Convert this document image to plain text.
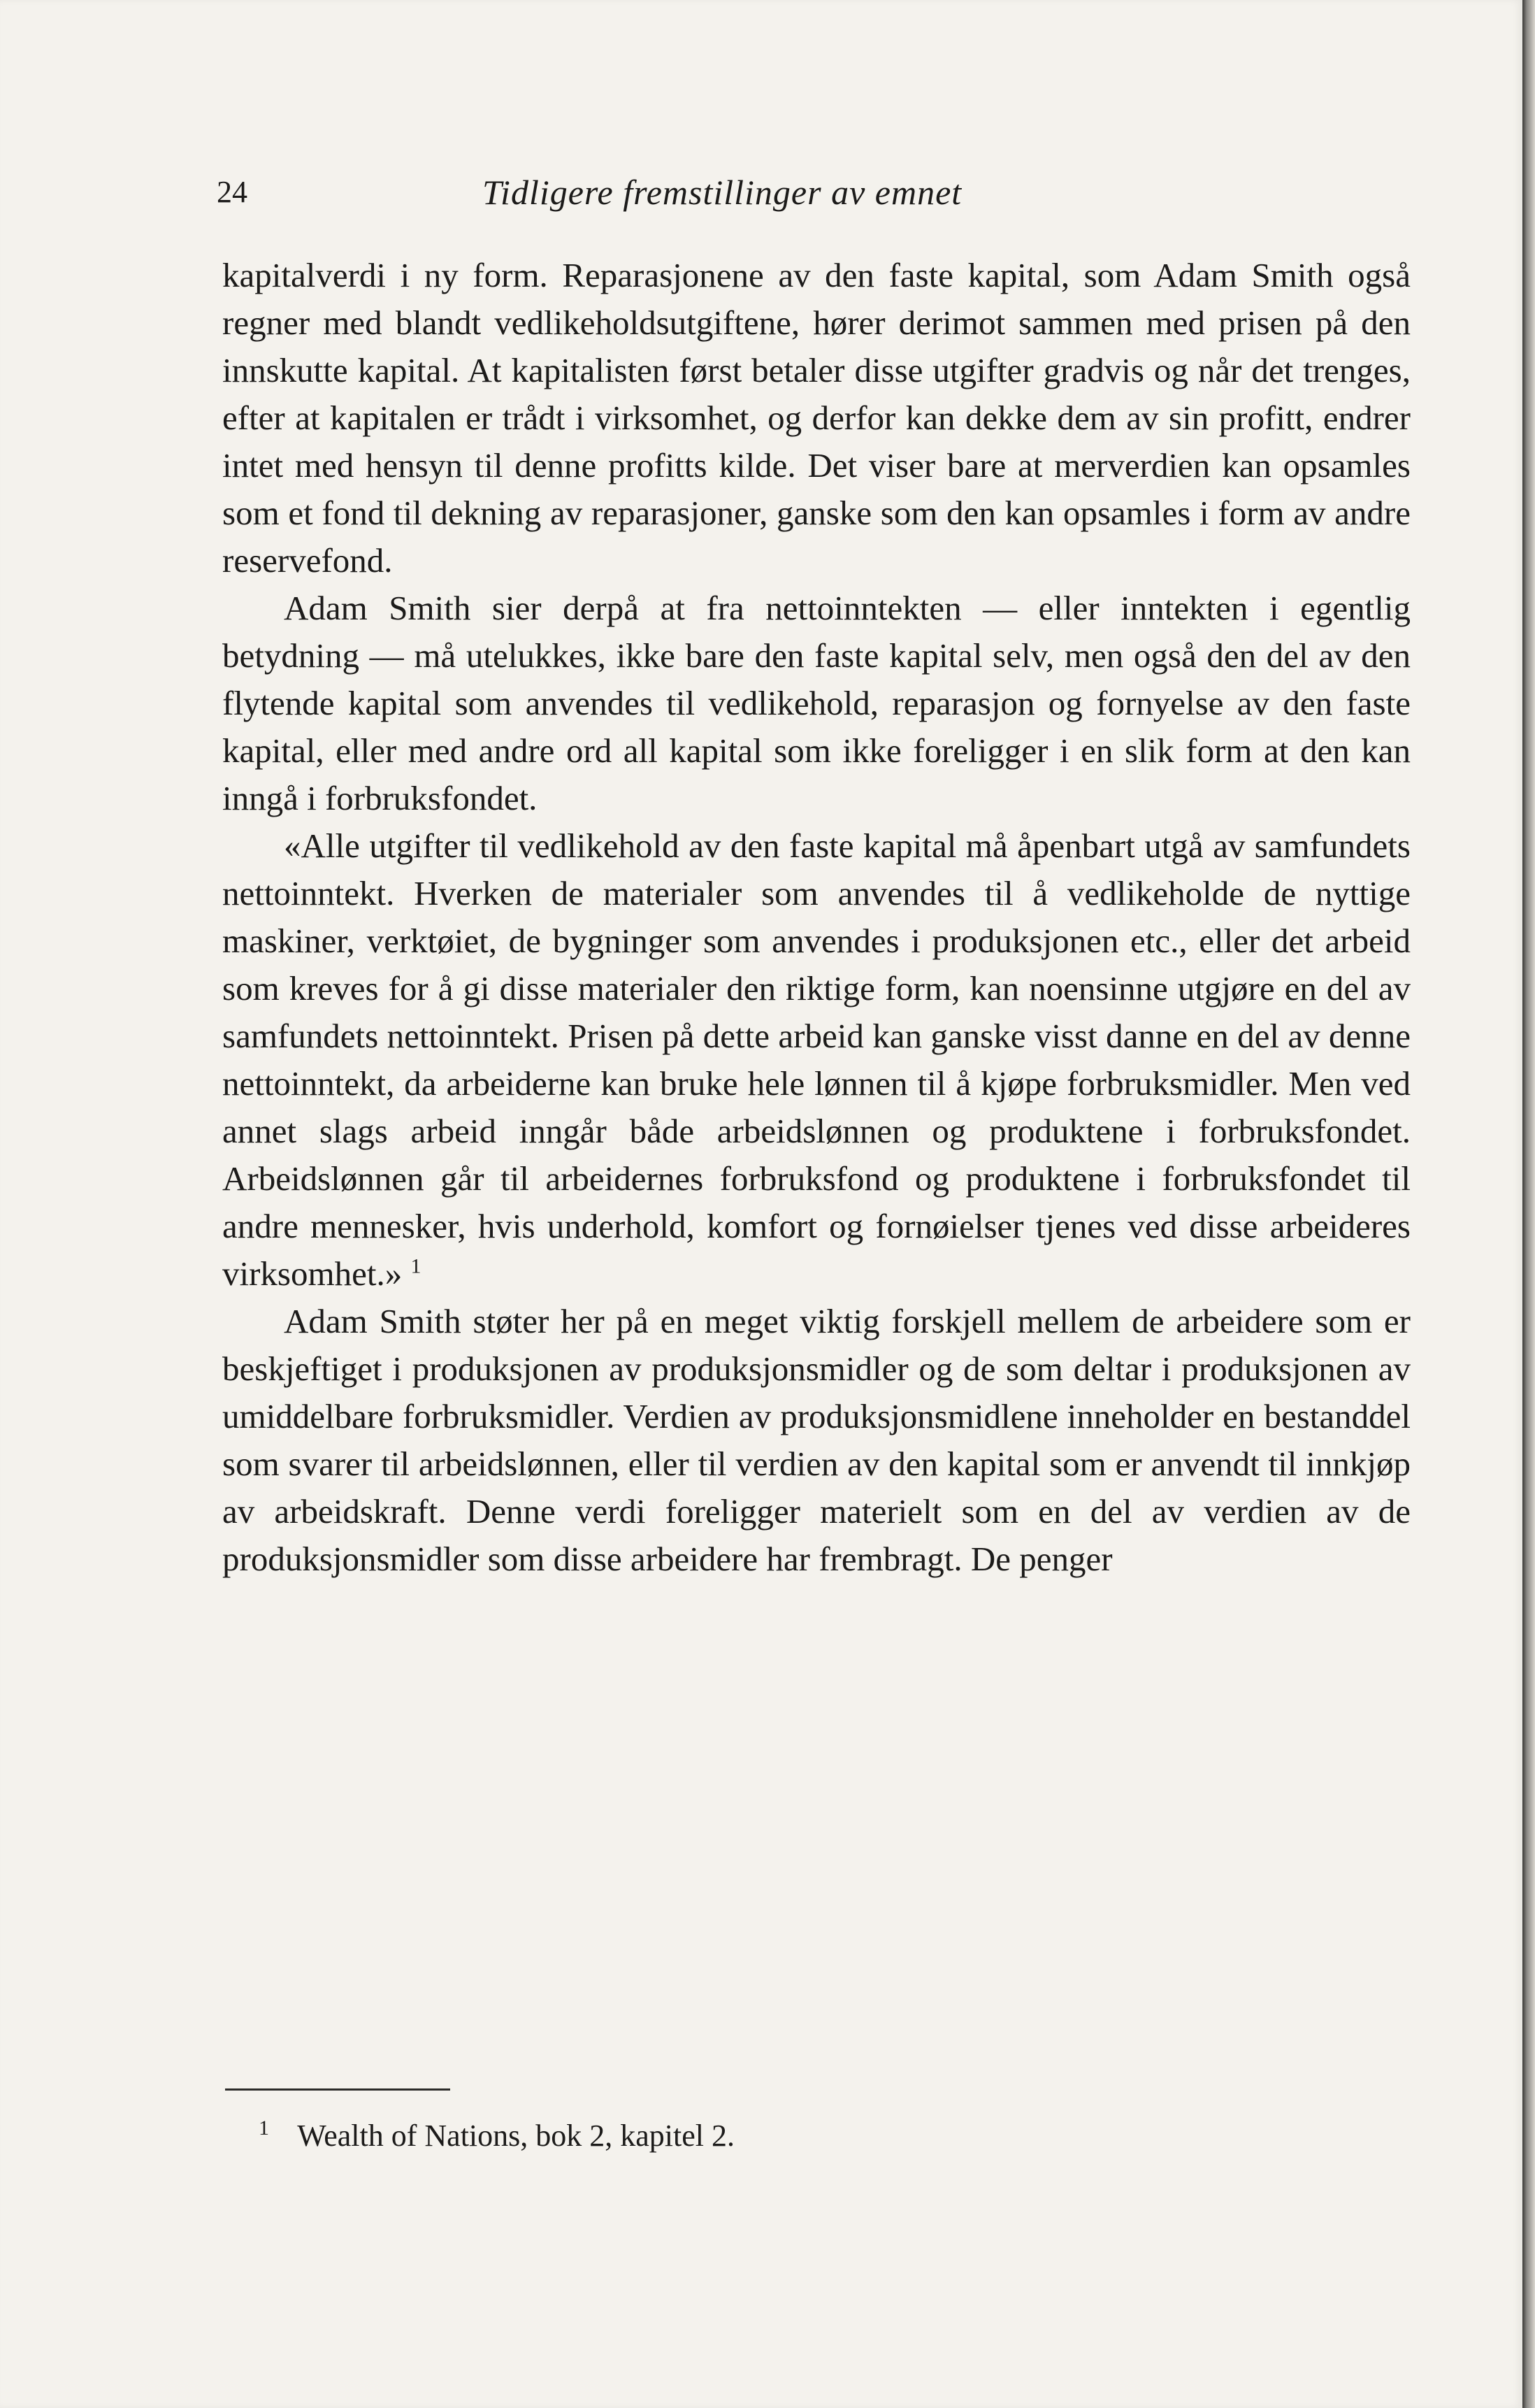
24	Tidligere fremstillinger av emnet

kapitalverdi i ny form. Reparasjonene av den faste kapital, som Adam Smith også regner med blandt vedlikeholdsutgiftene, hører derimot sammen med prisen på den innskutte kapital. At kapitalisten først betaler disse utgifter gradvis og når det trenges, efter at kapitalen er trådt i virksomhet, og derfor kan dekke dem av sin profitt, endrer intet med hensyn til denne profitts kilde. Det viser bare at merverdien kan opsamles som et fond til dekning av reparasjoner, ganske som den kan opsamles i form av andre reservefond.

Adam Smith sier derpå at fra nettoinntekten — eller inntekten i egentlig betydning — må utelukkes, ikke bare den faste kapital selv, men også den del av den flytende kapital som anvendes til vedlikehold, reparasjon og fornyelse av den faste kapital, eller med andre ord all kapital som ikke foreligger i en slik form at den kan inngå i forbruksfondet.

«Alle utgifter til vedlikehold av den faste kapital må åpenbart utgå av samfundets nettoinntekt. Hverken de materialer som anvendes til å vedlikeholde de nyttige maskiner, verktøiet, de bygninger som anvendes i produksjonen etc., eller det arbeid som kreves for å gi disse materialer den riktige form, kan noensinne utgjøre en del av samfundets nettoinntekt. Prisen på dette arbeid kan ganske visst danne en del av denne nettoinntekt, da arbeiderne kan bruke hele lønnen til å kjøpe forbruksmidler. Men ved annet slags arbeid inngår både arbeidslønnen og produktene i forbruksfondet. Arbeidslønnen går til arbeidernes forbruksfond og produktene i forbruksfondet til andre mennesker, hvis underhold, komfort og fornøielser tjenes ved disse arbeideres virksomhet.» $^1$

Adam Smith støter her på en meget viktig forskjell mellem de arbeidere som er beskjeftiget i produksjonen av produksjonsmidler og de som deltar i produksjonen av umiddelbare forbruksmidler. Verdien av produksjonsmidlene inneholder en bestanddel som svarer til arbeidslønnen, eller til verdien av den kapital som er anvendt til innkjøp av arbeidskraft. Denne verdi foreligger materielt som en del av verdien av de produksjonsmidler som disse arbeidere har frembragt. De penger

$^1$ Wealth of Nations, bok 2, kapitel 2.
